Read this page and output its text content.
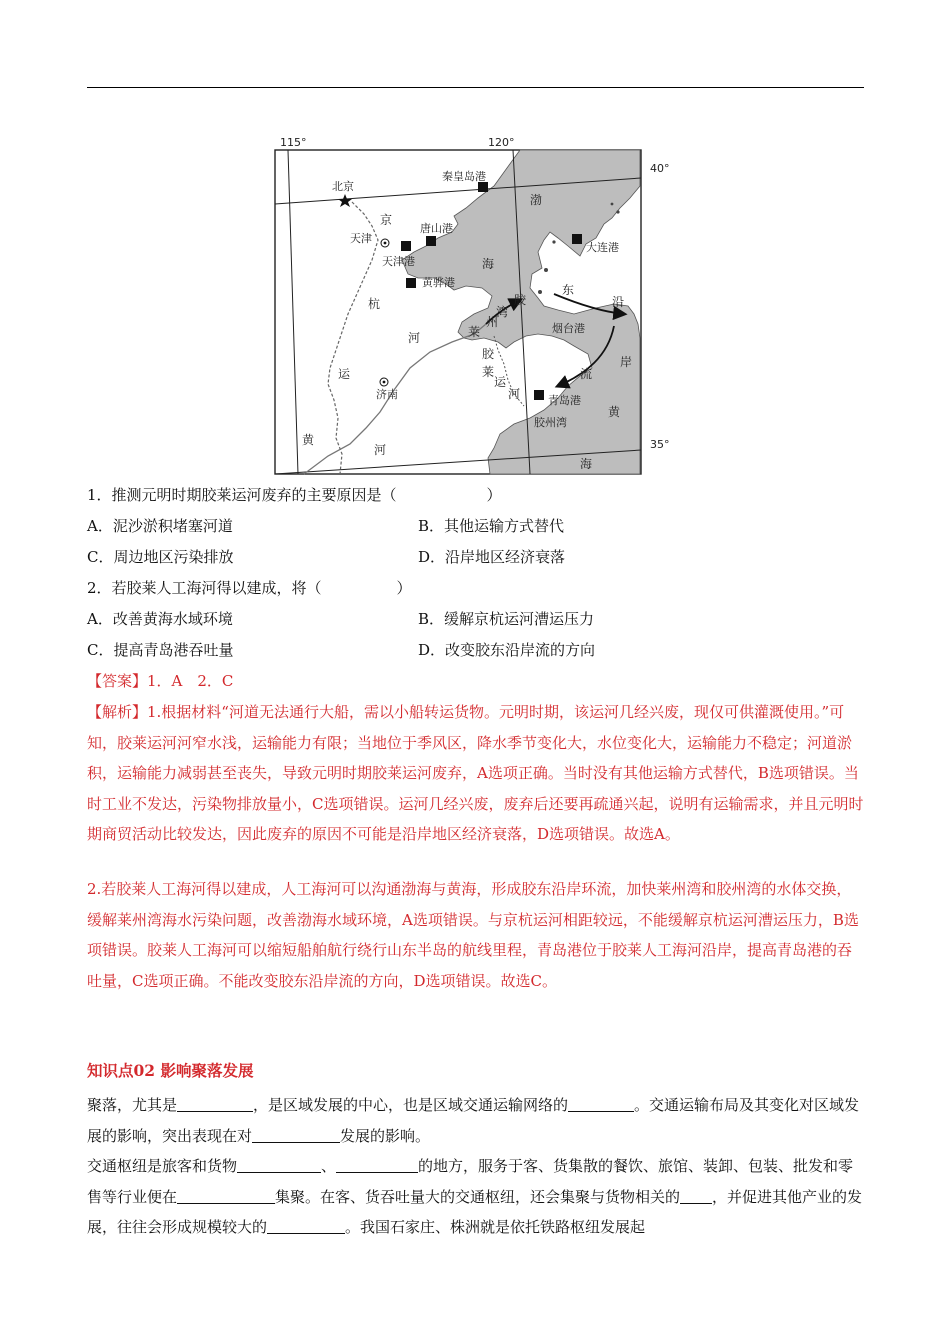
115°	120°
40°
35°
北京
天津
济南
秦皇岛港
唐山港
天津港
黄骅港
大连港
烟台港
青岛港
胶州湾
京
杭
运
河
黄
河
渤
海
莱
州
湾
胶
莱
运
河
胶
东
沿
岸
流
黄
海
1．推测元明时期胶莱运河废弃的主要原因是（　　　　　　）
A．泥沙淤积堵塞河道	B．其他运输方式替代
C．周边地区污染排放	D．沿岸地区经济衰落
2．若胶莱人工海河得以建成，将（　　　　　）
A．改善黄海水域环境	B．缓解京杭运河漕运压力
C．提高青岛港吞吐量	D．改变胶东沿岸流的方向
【答案】1．A　2．C
【解析】1.根据材料“河道无法通行大船，需以小船转运货物。元明时期，该运河几经兴废，现仅可供灌溉使用。”可知，胶莱运河河窄水浅，运输能力有限；当地位于季风区，降水季节变化大，水位变化大，运输能力不稳定；河道淤积，运输能力减弱甚至丧失，导致元明时期胶莱运河废弃，A选项正确。当时没有其他运输方式替代，B选项错误。当时工业不发达，污染物排放量小，C选项错误。运河几经兴废，废弃后还要再疏通兴起，说明有运输需求，并且元明时期商贸活动比较发达，因此废弃的原因不可能是沿岸地区经济衰落，D选项错误。故选A。
2.若胶莱人工海河得以建成，人工海河可以沟通渤海与黄海，形成胶东沿岸环流，加快莱州湾和胶州湾的水体交换，缓解莱州湾海水污染问题，改善渤海水域环境，A选项错误。与京杭运河相距较远，不能缓解京杭运河漕运压力，B选项错误。胶莱人工海河可以缩短船舶航行绕行山东半岛的航线里程，青岛港位于胶莱人工海河沿岸，提高青岛港的吞吐量，C选项正确。不能改变胶东沿岸流的方向，D选项错误。故选C。
知识点02 影响聚落发展
聚落，尤其是	，是区域发展的中心，也是区域交通运输网络的	。交通运输布局及其变化对区域发展的影响，突出表现在对	发展的影响。
交通枢纽是旅客和货物	、	的地方，服务于客、货集散的餐饮、旅馆、装卸、包装、批发和零售等行业便在	集聚。在客、货吞吐量大的交通枢纽，还会集聚与货物相关的 ，并促进其他产业的发展，往往会形成规模较大的	。我国石家庄、株洲就是依托铁路枢纽发展起
